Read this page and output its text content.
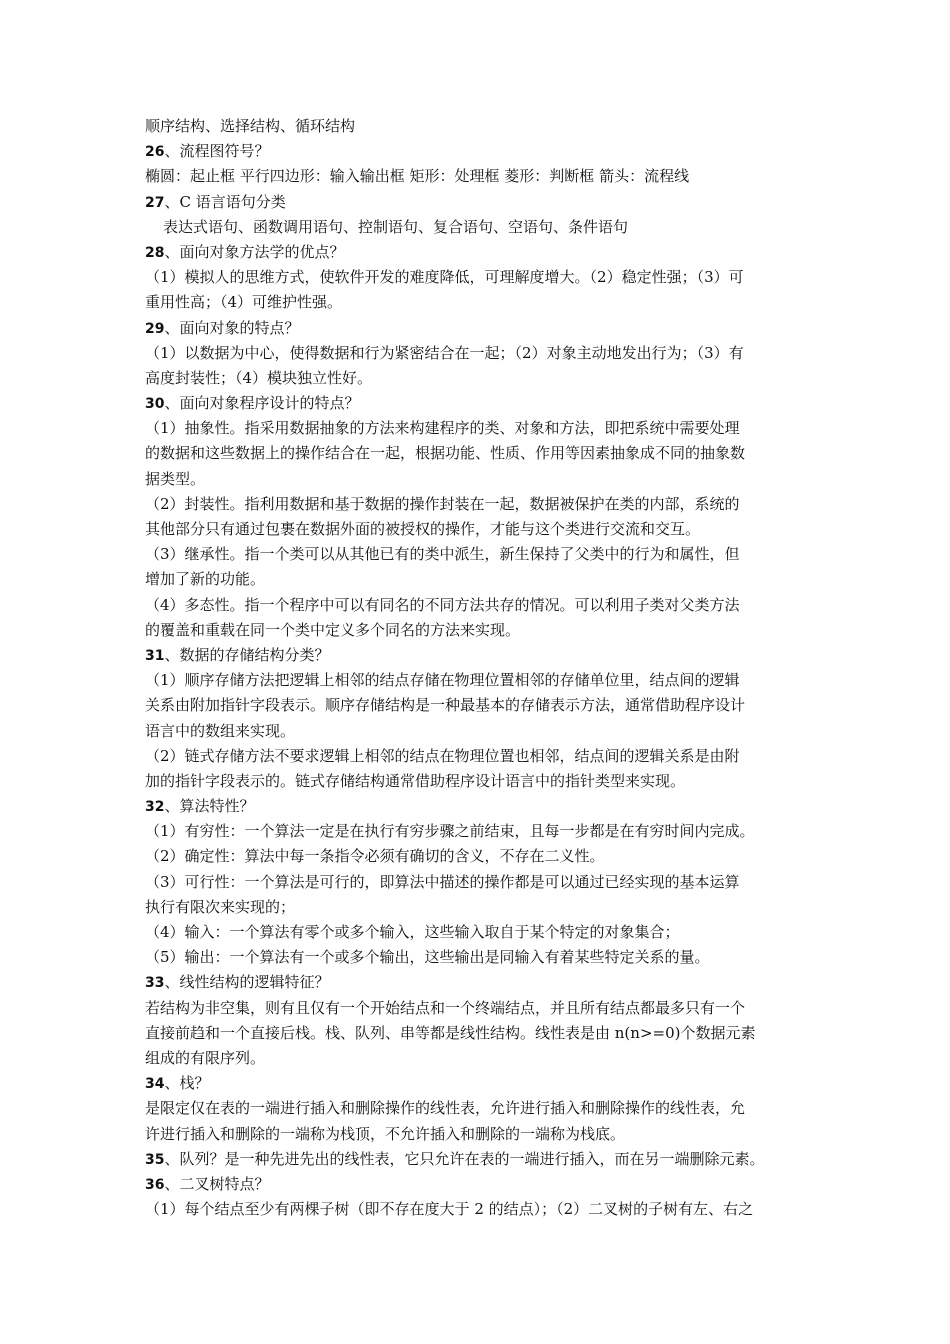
顺序结构、选择结构、循环结构
26、流程图符号？
椭圆：起止框 平行四边形：输入输出框 矩形：处理框 菱形：判断框 箭头：流程线
27、C 语言语句分类
表达式语句、函数调用语句、控制语句、复合语句、空语句、条件语句
28、面向对象方法学的优点？
（1）模拟人的思维方式，使软件开发的难度降低，可理解度增大。（2）稳定性强；（3）可
重用性高；（4）可维护性强。
29、面向对象的特点？
（1）以数据为中心，使得数据和行为紧密结合在一起；（2）对象主动地发出行为；（3）有
高度封装性；（4）模块独立性好。
30、面向对象程序设计的特点？
（1）抽象性。指采用数据抽象的方法来构建程序的类、对象和方法，即把系统中需要处理
的数据和这些数据上的操作结合在一起，根据功能、性质、作用等因素抽象成不同的抽象数
据类型。
（2）封装性。指利用数据和基于数据的操作封装在一起，数据被保护在类的内部，系统的
其他部分只有通过包裹在数据外面的被授权的操作，才能与这个类进行交流和交互。
（3）继承性。指一个类可以从其他已有的类中派生，新生保持了父类中的行为和属性，但
增加了新的功能。
（4）多态性。指一个程序中可以有同名的不同方法共存的情况。可以利用子类对父类方法
的覆盖和重载在同一个类中定义多个同名的方法来实现。
31、数据的存储结构分类？
（1）顺序存储方法把逻辑上相邻的结点存储在物理位置相邻的存储单位里，结点间的逻辑
关系由附加指针字段表示。顺序存储结构是一种最基本的存储表示方法，通常借助程序设计
语言中的数组来实现。
（2）链式存储方法不要求逻辑上相邻的结点在物理位置也相邻，结点间的逻辑关系是由附
加的指针字段表示的。链式存储结构通常借助程序设计语言中的指针类型来实现。
32、算法特性？
（1）有穷性：一个算法一定是在执行有穷步骤之前结束，且每一步都是在有穷时间内完成。
（2）确定性：算法中每一条指令必须有确切的含义，不存在二义性。
（3）可行性：一个算法是可行的，即算法中描述的操作都是可以通过已经实现的基本运算
执行有限次来实现的；
（4）输入：一个算法有零个或多个输入，这些输入取自于某个特定的对象集合；
（5）输出：一个算法有一个或多个输出，这些输出是同输入有着某些特定关系的量。
33、线性结构的逻辑特征？
若结构为非空集，则有且仅有一个开始结点和一个终端结点，并且所有结点都最多只有一个
直接前趋和一个直接后栈。栈、队列、串等都是线性结构。线性表是由 n(n>=0)个数据元素
组成的有限序列。
34、栈？
是限定仅在表的一端进行插入和删除操作的线性表，允许进行插入和删除操作的线性表，允
许进行插入和删除的一端称为栈顶，不允许插入和删除的一端称为栈底。
35、队列？是一种先进先出的线性表，它只允许在表的一端进行插入，而在另一端删除元素。
36、二叉树特点？
（1）每个结点至少有两棵子树（即不存在度大于 2 的结点）；（2）二叉树的子树有左、右之
